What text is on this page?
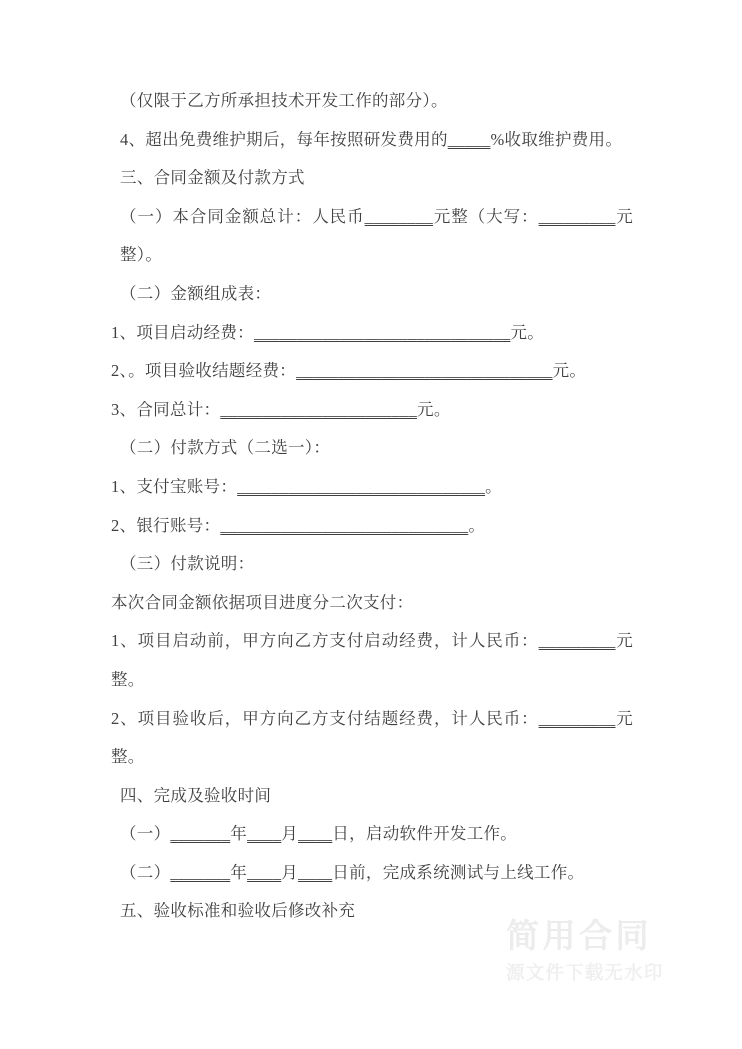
（仅限于乙方所承担技术开发工作的部分）。

4、超出免费维护期后，每年按照研发费用的_____%收取维护费用。

三、合同金额及付款方式

（一）本合同金额总计：人民币________元整（大写：_________元整）。

（二）金额组成表：

1、项目启动经费：______________________________元。

2、。项目验收结题经费：______________________________元。

3、合同总计：_______________________元。

（二）付款方式（二选一）：

1、支付宝账号：_____________________________。

2、银行账号：_____________________________。

（三）付款说明：

本次合同金额依据项目进度分二次支付：

1、项目启动前，甲方向乙方支付启动经费，计人民币：_________元整。

2、项目验收后，甲方向乙方支付结题经费，计人民币：_________元整。

四、完成及验收时间

（一）_______年____月____日，启动软件开发工作。

（二）_______年____月____日前，完成系统测试与上线工作。

五、验收标准和验收后修改补充

简用合同
源文件下载无水印
